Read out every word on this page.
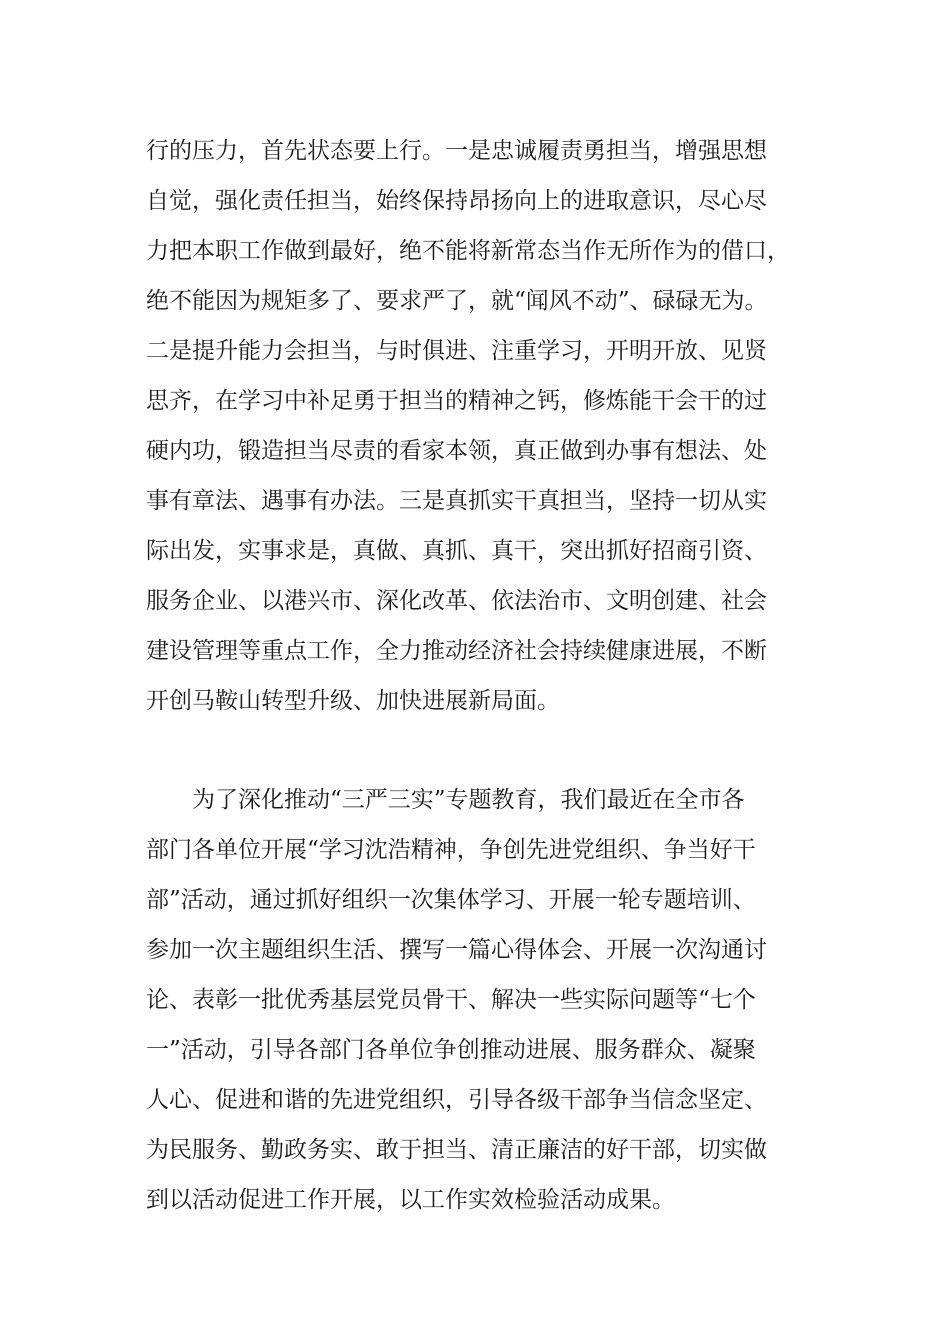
行的压力，首先状态要上行。一是忠诚履责勇担当，增强思想
自觉，强化责任担当，始终保持昂扬向上的进取意识，尽心尽
力把本职工作做到最好，绝不能将新常态当作无所作为的借口，
绝不能因为规矩多了、要求严了，就“闻风不动”、碌碌无为。
二是提升能力会担当，与时俱进、注重学习，开明开放、见贤
思齐，在学习中补足勇于担当的精神之钙，修炼能干会干的过
硬内功，锻造担当尽责的看家本领，真正做到办事有想法、处
事有章法、遇事有办法。三是真抓实干真担当，坚持一切从实
际出发，实事求是，真做、真抓、真干，突出抓好招商引资、
服务企业、以港兴市、深化改革、依法治市、文明创建、社会
建设管理等重点工作，全力推动经济社会持续健康进展，不断
开创马鞍山转型升级、加快进展新局面。
为了深化推动“三严三实”专题教育，我们最近在全市各
部门各单位开展“学习沈浩精神，争创先进党组织、争当好干
部”活动，通过抓好组织一次集体学习、开展一轮专题培训、
参加一次主题组织生活、撰写一篇心得体会、开展一次沟通讨
论、表彰一批优秀基层党员骨干、解决一些实际问题等“七个
一”活动，引导各部门各单位争创推动进展、服务群众、凝聚
人心、促进和谐的先进党组织，引导各级干部争当信念坚定、
为民服务、勤政务实、敢于担当、清正廉洁的好干部，切实做
到以活动促进工作开展，以工作实效检验活动成果。
